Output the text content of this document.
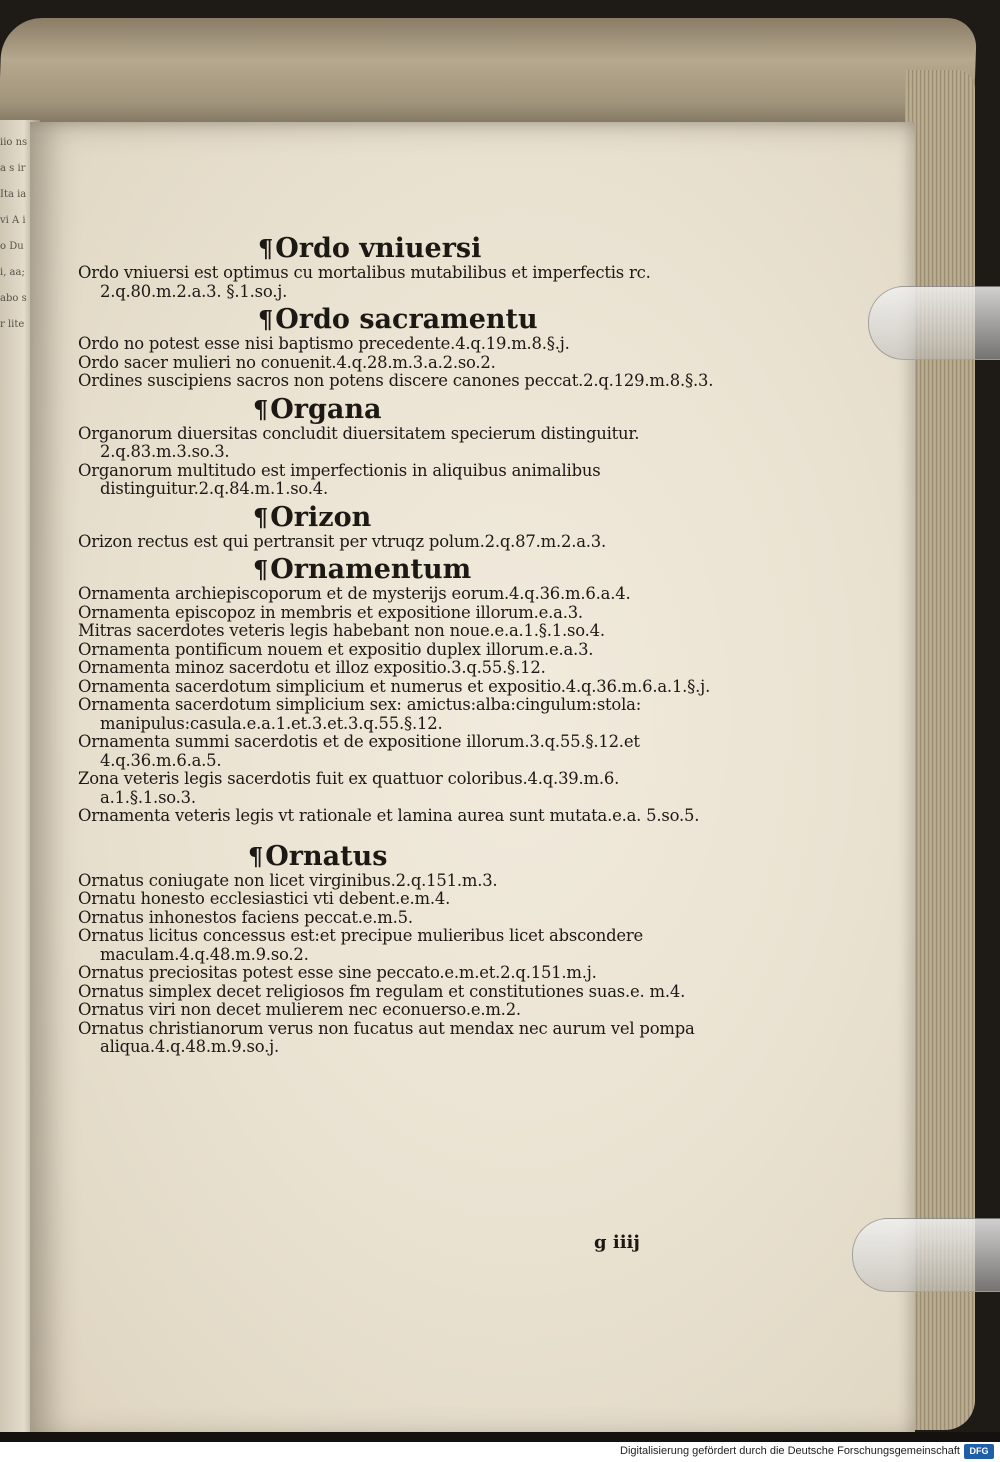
iio ns a s ir Ita ia vi A io Dui, aa; abo sr lite
¶Ordo vniuersi

Ordo vniuersi est optimus cu mortalibus mutabilibus et imperfectis rc. 2.q.80.m.2.a.3. §.1.so.j.

¶Ordo sacramentu

Ordo no potest esse nisi baptismo precedente.4.q.19.m.8.§.j.

Ordo sacer mulieri no conuenit.4.q.28.m.3.a.2.so.2.

Ordines suscipiens sacros non potens discere canones peccat.2.q.129.m.8.§.3.

¶Organa

Organorum diuersitas concludit diuersitatem specierum distinguitur. 2.q.83.m.3.so.3.

Organorum multitudo est imperfectionis in aliquibus animalibus distinguitur.2.q.84.m.1.so.4.

¶Orizon

Orizon rectus est qui pertransit per vtruqz polum.2.q.87.m.2.a.3.

¶Ornamentum

Ornamenta archiepiscoporum et de mysterijs eorum.4.q.36.m.6.a.4.

Ornamenta episcopoz in membris et expositione illorum.e.a.3.

Mitras sacerdotes veteris legis habebant non noue.e.a.1.§.1.so.4.

Ornamenta pontificum nouem et expositio duplex illorum.e.a.3.

Ornamenta minoz sacerdotu et illoz expositio.3.q.55.§.12.

Ornamenta sacerdotum simplicium et numerus et expositio.4.q.36.m.6.a.1.§.j.

Ornamenta sacerdotum simplicium sex: amictus:alba:cingulum:stola: manipulus:casula.e.a.1.et.3.et.3.q.55.§.12.

Ornamenta summi sacerdotis et de expositione illorum.3.q.55.§.12.et 4.q.36.m.6.a.5.

Zona veteris legis sacerdotis fuit ex quattuor coloribus.4.q.39.m.6. a.1.§.1.so.3.

Ornamenta veteris legis vt rationale et lamina aurea sunt mutata.e.a. 5.so.5.

¶Ornatus

Ornatus coniugate non licet virginibus.2.q.151.m.3.

Ornatu honesto ecclesiastici vti debent.e.m.4.

Ornatus inhonestos faciens peccat.e.m.5.

Ornatus licitus concessus est:et precipue mulieribus licet abscondere maculam.4.q.48.m.9.so.2.

Ornatus preciositas potest esse sine peccato.e.m.et.2.q.151.m.j.

Ornatus simplex decet religiosos fm regulam et constitutiones suas.e. m.4.

Ornatus viri non decet mulierem nec econuerso.e.m.2.

Ornatus christianorum verus non fucatus aut mendax nec aurum vel pompa aliqua.4.q.48.m.9.so.j.

g iiij
Digitalisierung gefördert durch die Deutsche Forschungsgemeinschaft	DFG
